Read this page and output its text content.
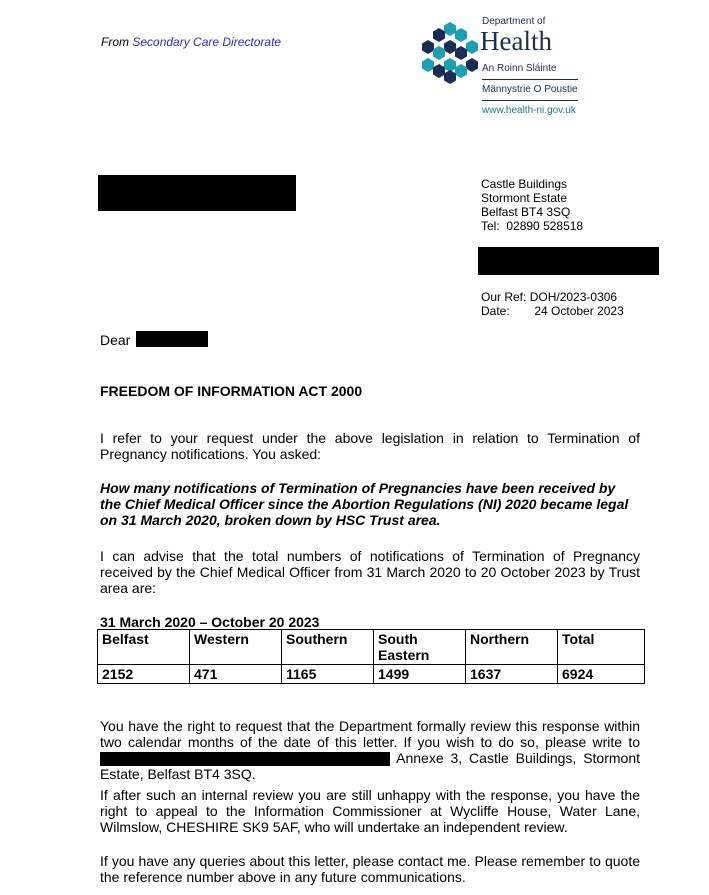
From Secondary Care Directorate
Department of
Health
An Roinn Sláinte
Männystrie O Poustie
www.health-ni.gov.uk
Castle Buildings
Stormont Estate
Belfast BT4 3SQ
Tel: 02890 528518
Our Ref: DOH/2023-0306
Date: 24 October 2023
Dear
FREEDOM OF INFORMATION ACT 2000
I refer to your request under the above legislation in relation to Termination of Pregnancy notifications. You asked:
How many notifications of Termination of Pregnancies have been received by the Chief Medical Officer since the Abortion Regulations (NI) 2020 became legal on 31 March 2020, broken down by HSC Trust area.
I can advise that the total numbers of notifications of Termination of Pregnancy received by the Chief Medical Officer from 31 March 2020 to 20 October 2023 by Trust area are:
31 March 2020 – October 20 2023
Belfast	Western	Southern	South Eastern	Northern	Total
2152	471	1165	1499	1637	6924
You have the right to request that the Department formally review this response within two calendar months of the date of this letter. If you wish to do so, please write to  Annexe 3, Castle Buildings, Stormont Estate, Belfast BT4 3SQ.
If after such an internal review you are still unhappy with the response, you have the right to appeal to the Information Commissioner at Wycliffe House, Water Lane, Wilmslow, CHESHIRE SK9 5AF, who will undertake an independent review.
If you have any queries about this letter, please contact me. Please remember to quote the reference number above in any future communications.
